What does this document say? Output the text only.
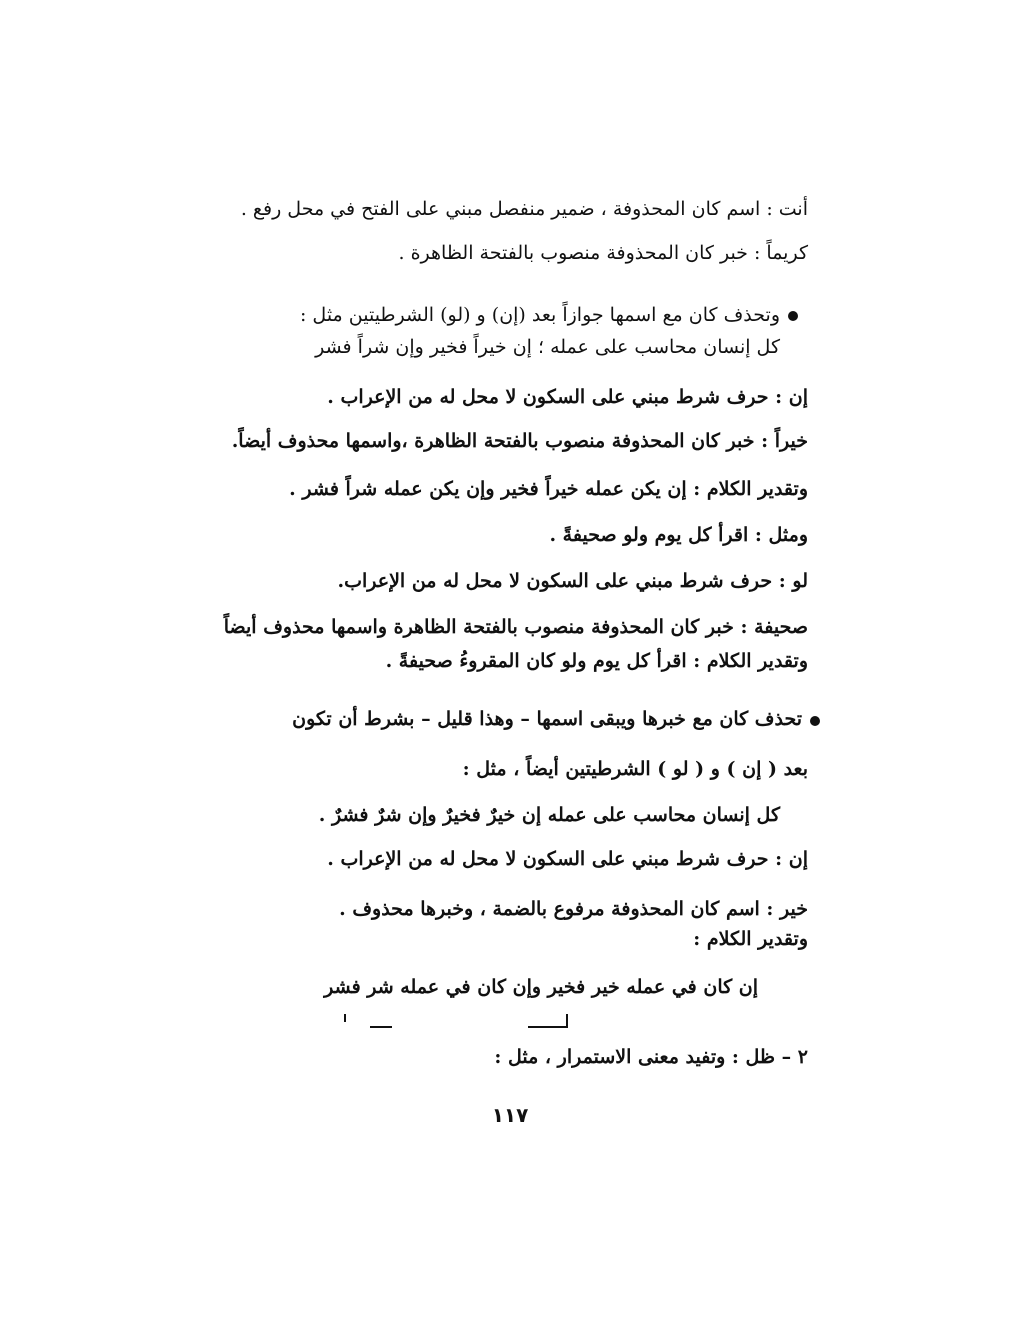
أنت : اسم كان المحذوفة ، ضمير منفصل مبني على الفتح في محل رفع .
كريماً : خبر كان المحذوفة منصوب بالفتحة الظاهرة .
وتحذف كان مع اسمها جوازاً بعد (إن) و (لو) الشرطيتين مثل :
كل إنسان محاسب على عمله ؛ إن خيراً فخير وإن شراً فشر
إن : حرف شرط مبني على السكون لا محل له من الإعراب .
خيراً : خبر كان المحذوفة منصوب بالفتحة الظاهرة ،واسمها محذوف أيضاً.
وتقدير الكلام : إن يكن عمله خيراً فخير وإن يكن عمله شراً فشر .
ومثل : اقرأ كل يوم ولو صحيفةً .
لو : حرف شرط مبني على السكون لا محل له من الإعراب.
صحيفة : خبر كان المحذوفة منصوب بالفتحة الظاهرة واسمها محذوف أيضاً
وتقدير الكلام : اقرأ كل يوم ولو كان المقروءُ صحيفةً .
تحذف كان مع خبرها ويبقى اسمها – وهذا قليل – بشرط أن تكون
بعد ( إن ) و ( لو ) الشرطيتين أيضاً ، مثل :
كل إنسان محاسب على عمله إن خيرٌ فخيرٌ وإن شرٌ فشرٌ .
إن : حرف شرط مبني على السكون لا محل له من الإعراب .
خير : اسم كان المحذوفة مرفوع بالضمة ، وخبرها محذوف .
وتقدير الكلام :
إن كان في عمله خير فخير وإن كان في عمله شر فشر
٢ – ظل : وتفيد معنى الاستمرار ، مثل :
١١٧
